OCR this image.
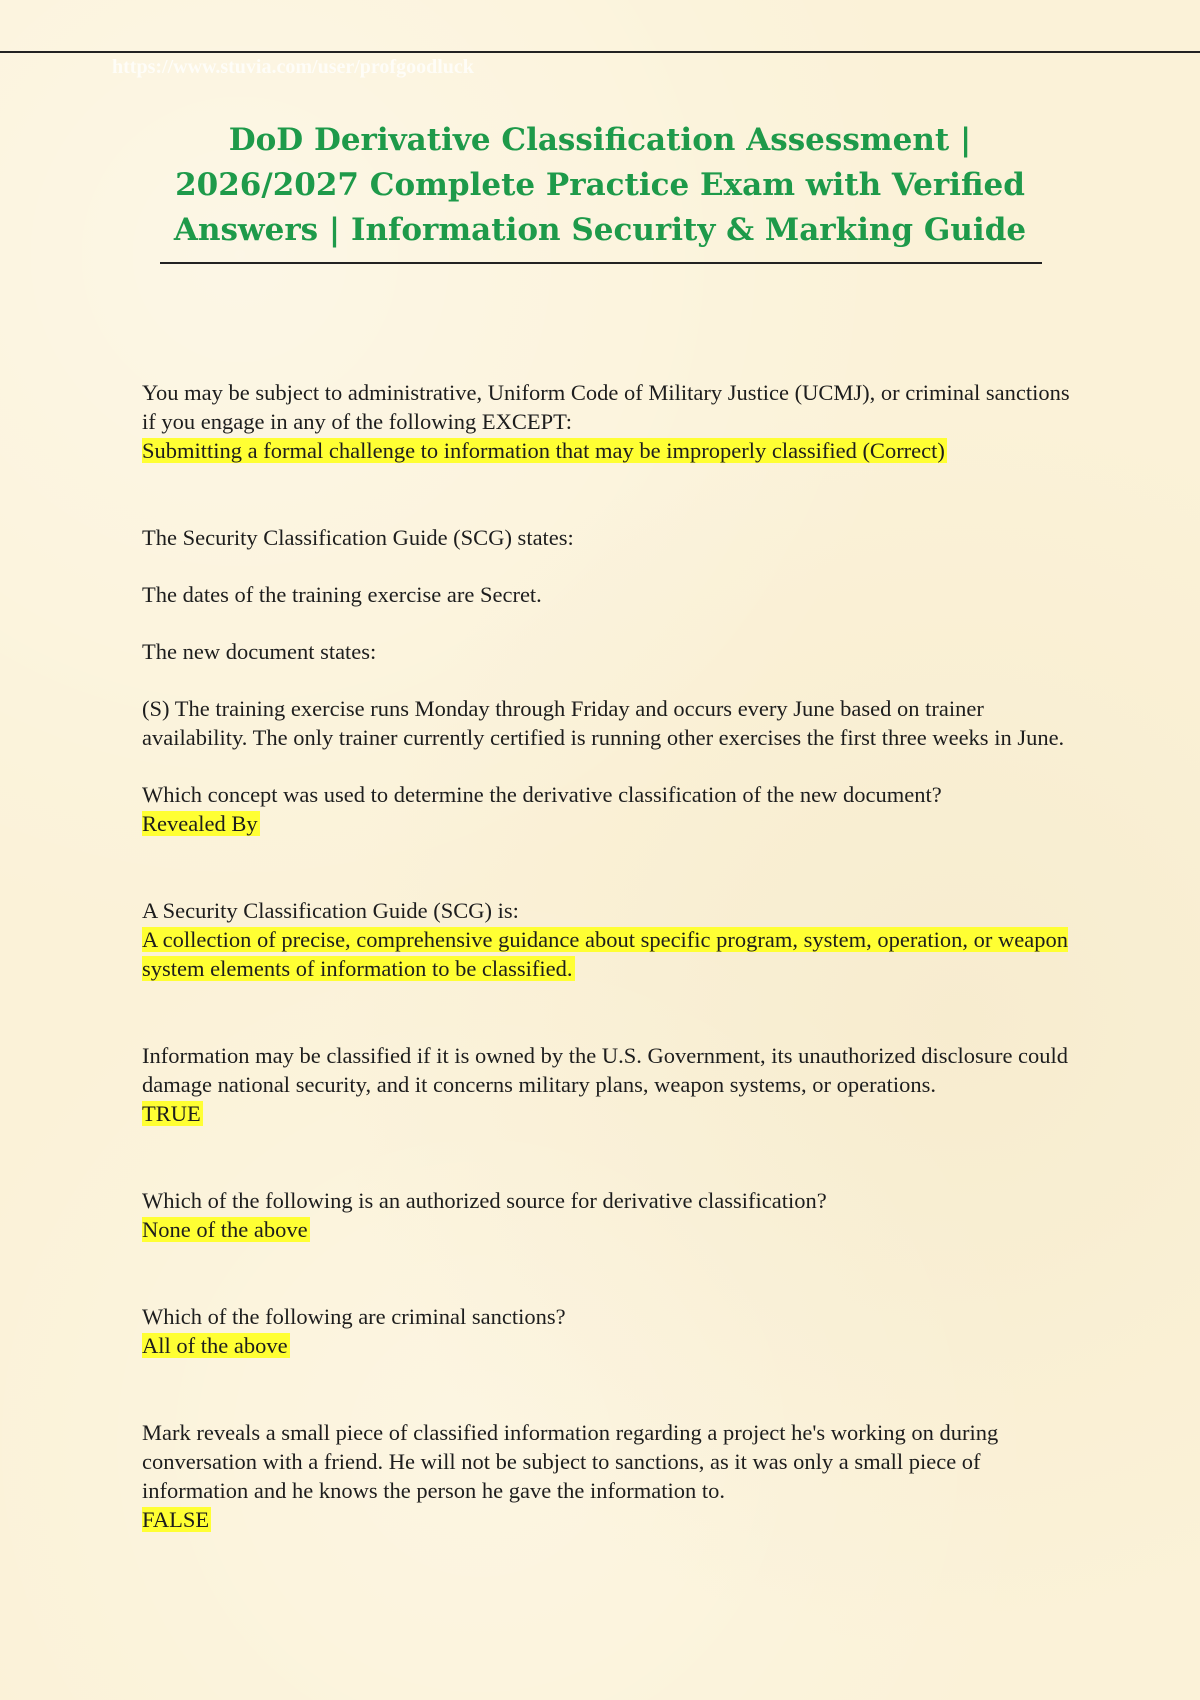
https://www.stuvia.com/user/profgoodluck
DoD Derivative Classification Assessment | 2026/2027 Complete Practice Exam with Verified Answers | Information Security & Marking Guide
You may be subject to administrative, Uniform Code of Military Justice (UCMJ), or criminal sanctions if you engage in any of the following EXCEPT:
Submitting a formal challenge to information that may be improperly classified (Correct)
The Security Classification Guide (SCG) states:
The dates of the training exercise are Secret.
The new document states:
(S) The training exercise runs Monday through Friday and occurs every June based on trainer availability. The only trainer currently certified is running other exercises the first three weeks in June.
Which concept was used to determine the derivative classification of the new document?
Revealed By
A Security Classification Guide (SCG) is:
A collection of precise, comprehensive guidance about specific program, system, operation, or weapon system elements of information to be classified.
Information may be classified if it is owned by the U.S. Government, its unauthorized disclosure could damage national security, and it concerns military plans, weapon systems, or operations.
TRUE
Which of the following is an authorized source for derivative classification?
None of the above
Which of the following are criminal sanctions?
All of the above
Mark reveals a small piece of classified information regarding a project he's working on during conversation with a friend. He will not be subject to sanctions, as it was only a small piece of information and he knows the person he gave the information to.
FALSE
